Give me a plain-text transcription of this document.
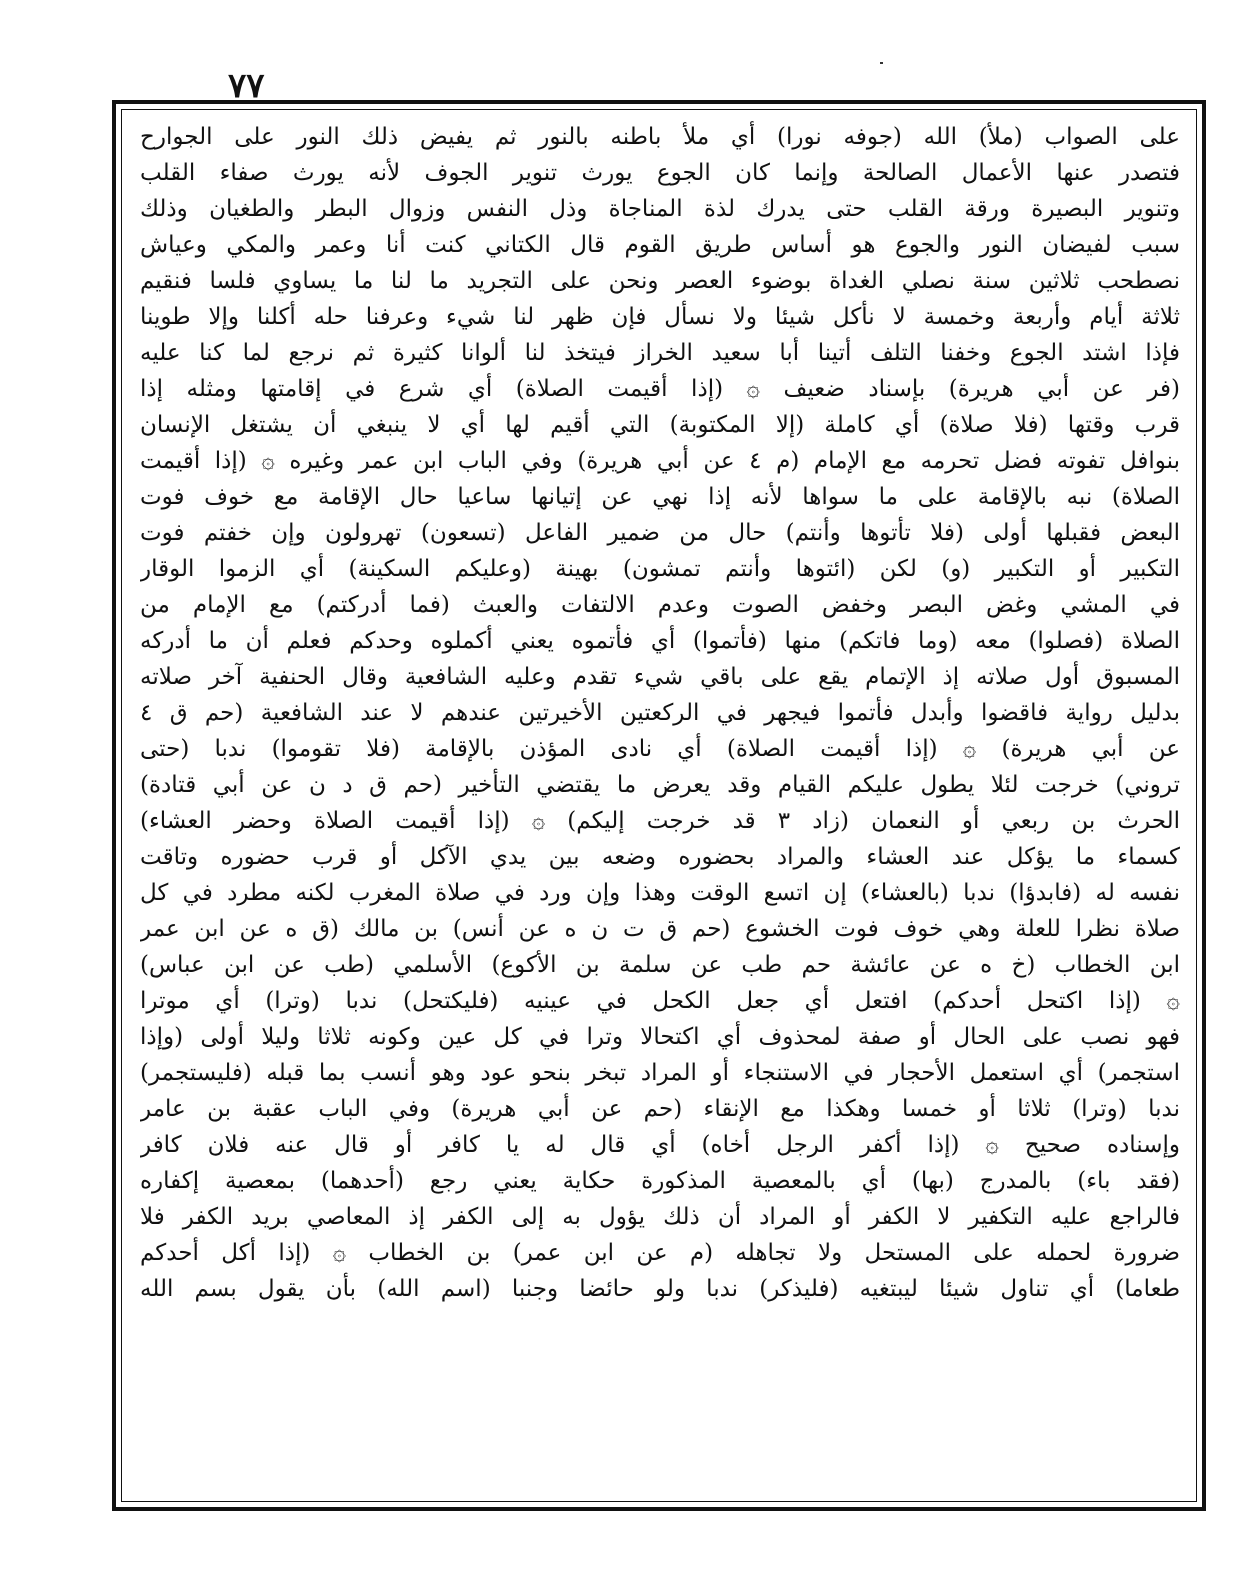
٧٧
على الصواب (ملأ) الله (جوفه نورا) أي ملأ باطنه بالنور ثم يفيض ذلك النور على الجوارح
فتصدر عنها الأعمال الصالحة وإنما كان الجوع يورث تنوير الجوف لأنه يورث صفاء القلب
وتنوير البصيرة ورقة القلب حتى يدرك لذة المناجاة وذل النفس وزوال البطر والطغيان وذلك
سبب لفيضان النور والجوع هو أساس طريق القوم قال الكتاني كنت أنا وعمر والمكي وعياش
نصطحب ثلاثين سنة نصلي الغداة بوضوء العصر ونحن على التجريد ما لنا ما يساوي فلسا فنقيم
ثلاثة أيام وأربعة وخمسة لا نأكل شيئا ولا نسأل فإن ظهر لنا شيء وعرفنا حله أكلنا وإلا طوينا
فإذا اشتد الجوع وخفنا التلف أتينا أبا سعيد الخراز فيتخذ لنا ألوانا كثيرة ثم نرجع لما كنا عليه
(فر عن أبي هريرة) بإسناد ضعيف ۞ (إذا أقيمت الصلاة) أي شرع في إقامتها ومثله إذا
قرب وقتها (فلا صلاة) أي كاملة (إلا المكتوبة) التي أقيم لها أي لا ينبغي أن يشتغل الإنسان
بنوافل تفوته فضل تحرمه مع الإمام (م ٤ عن أبي هريرة) وفي الباب ابن عمر وغيره ۞ (إذا أقيمت
الصلاة) نبه بالإقامة على ما سواها لأنه إذا نهي عن إتيانها ساعيا حال الإقامة مع خوف فوت
البعض فقبلها أولى (فلا تأتوها وأنتم) حال من ضمير الفاعل (تسعون) تهرولون وإن خفتم فوت
التكبير أو التكبير (و) لكن (ائتوها وأنتم تمشون) بهينة (وعليكم السكينة) أي الزموا الوقار
في المشي وغض البصر وخفض الصوت وعدم الالتفات والعبث (فما أدركتم) مع الإمام من
الصلاة (فصلوا) معه (وما فاتكم) منها (فأتموا) أي فأتموه يعني أكملوه وحدكم فعلم أن ما أدركه
المسبوق أول صلاته إذ الإتمام يقع على باقي شيء تقدم وعليه الشافعية وقال الحنفية آخر صلاته
بدليل رواية فاقضوا وأبدل فأتموا فيجهر في الركعتين الأخيرتين عندهم لا عند الشافعية (حم ق ٤
عن أبي هريرة) ۞ (إذا أقيمت الصلاة) أي نادى المؤذن بالإقامة (فلا تقوموا) ندبا (حتى
تروني) خرجت لئلا يطول عليكم القيام وقد يعرض ما يقتضي التأخير (حم ق د ن عن أبي قتادة)
الحرث بن ربعي أو النعمان (زاد ٣ قد خرجت إليكم) ۞ (إذا أقيمت الصلاة وحضر العشاء)
كسماء ما يؤكل عند العشاء والمراد بحضوره وضعه بين يدي الآكل أو قرب حضوره وتاقت
نفسه له (فابدؤا) ندبا (بالعشاء) إن اتسع الوقت وهذا وإن ورد في صلاة المغرب لكنه مطرد في كل
صلاة نظرا للعلة وهي خوف فوت الخشوع (حم ق ت ن ه عن أنس) بن مالك (ق ه عن ابن عمر
ابن الخطاب (خ ه عن عائشة حم طب عن سلمة بن الأكوع) الأسلمي (طب عن ابن عباس)
۞ (إذا اكتحل أحدكم) افتعل أي جعل الكحل في عينيه (فليكتحل) ندبا (وترا) أي موترا
فهو نصب على الحال أو صفة لمحذوف أي اكتحالا وترا في كل عين وكونه ثلاثا وليلا أولى (وإذا
استجمر) أي استعمل الأحجار في الاستنجاء أو المراد تبخر بنحو عود وهو أنسب بما قبله (فليستجمر)
ندبا (وترا) ثلاثا أو خمسا وهكذا مع الإنقاء (حم عن أبي هريرة) وفي الباب عقبة بن عامر
وإسناده صحيح ۞ (إذا أكفر الرجل أخاه) أي قال له يا كافر أو قال عنه فلان كافر
(فقد باء) بالمدرج (بها) أي بالمعصية المذكورة حكاية يعني رجع (أحدهما) بمعصية إكفاره
فالراجع عليه التكفير لا الكفر أو المراد أن ذلك يؤول به إلى الكفر إذ المعاصي بريد الكفر فلا
ضرورة لحمله على المستحل ولا تجاهله (م عن ابن عمر) بن الخطاب ۞ (إذا أكل أحدكم
طعاما) أي تناول شيئا ليبتغيه (فليذكر) ندبا ولو حائضا وجنبا (اسم الله) بأن يقول بسم الله
